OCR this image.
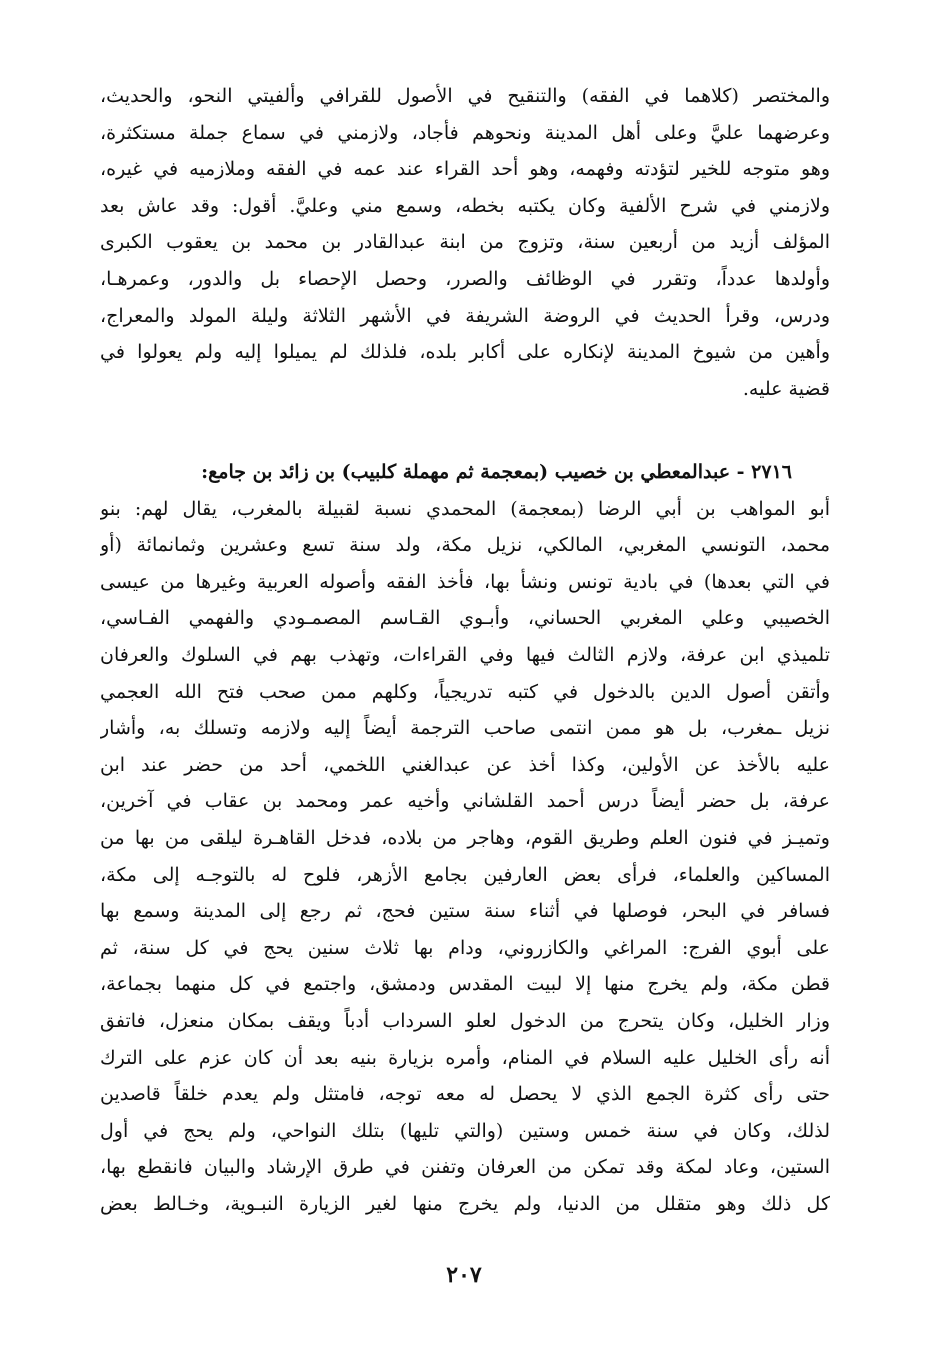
والمختصر (كلاهما في الفقه) والتنقيح في الأصول للقرافي وألفيتي النحو، والحديث،
وعرضهما عليَّ وعلى أهل المدينة ونحوهم فأجاد، ولازمني في سماع جملة مستكثرة،
وهو متوجه للخير لتؤدته وفهمه، وهو أحد القراء عند عمه في الفقه وملازميه في غيره،
ولازمني في شرح الألفية وكان يكتبه بخطه، وسمع مني وعليَّ. أقول: وقد عاش بعد
المؤلف أزيد من أربعين سنة، وتزوج من ابنة عبدالقادر بن محمد بن يعقوب الكبرى
وأولدها عدداً، وتقرر في الوظائف والصرر، وحصل الإحصاء بل والدور، وعمرهـا،
ودرس، وقرأ الحديث في الروضة الشريفة في الأشهر الثلاثة وليلة المولد والمعراج،
وأهين من شيوخ المدينة لإنكاره على أكابر بلده، فلذلك لم يميلوا إليه ولم يعولوا في
قضية عليه.
٢٧١٦ - عبدالمعطي بن خصيب (بمعجمة ثم مهملة كلبيب) بن زائد بن جامع:
أبو المواهب بن أبي الرضا (بمعجمة) المحمدي نسبة لقبيلة بالمغرب، يقال لهم: بنو
محمد، التونسي المغربي، المالكي، نزيل مكة، ولد سنة تسع وعشرين وثمانمائة (أو
في التي بعدها) في بادية تونس ونشأ بها، فأخذ الفقه وأصوله العربية وغيرها من عيسى
الخصيبي وعلي المغربي الحساني، وأبـوي القـاسم المصمـودي والفهمي الفـاسي،
تلميذي ابن عرفة، ولازم الثالث فيها وفي القراءات، وتهذب بهم في السلوك والعرفان
وأتقن أصول الدين بالدخول في كتبه تدريجياً، وكلهم ممن صحب فتح الله العجمي
نزيل ـمغرب، بل هو ممن انتمى صاحب الترجمة أيضاً إليه ولازمه وتسلك به، وأشار
عليه بالأخذ عن الأولين، وكذا أخذ عن عبدالغني اللخمي، أحد من حضر عند ابن
عرفة، بل حضر أيضاً درس أحمد القلشاني وأخيه عمر ومحمد بن عقاب في آخرين،
وتميـز في فنون العلم وطريق القوم، وهاجر من بلاده، فدخل القاهـرة ليلقى من بها من
المساكين والعلماء، فرأى بعض العارفين بجامع الأزهر، فلوح له بالتوجـه إلى مكة،
فسافر في البحر، فوصلها في أثناء سنة ستين فحج، ثم رجع إلى المدينة وسمع بها
على أبوي الفرج: المراغي والكازروني، ودام بها ثلاث سنين يحج في كل سنة، ثم
قطن مكة، ولم يخرج منها إلا لبيت المقدس ودمشق، واجتمع في كل منهما بجماعة،
وزار الخليل، وكان يتحرج من الدخول لعلو السرداب أدباً ويقف بمكان منعزل، فاتفق
أنه رأى الخليل عليه السلام في المنام، وأمره بزيارة بنيه بعد أن كان عزم على الترك
حتى رأى كثرة الجمع الذي لا يحصل له معه توجه، فامتثل ولم يعدم خلقاً قاصدين
لذلك، وكان في سنة خمس وستين (والتي تليها) بتلك النواحي، ولم يحج في أول
الستين، وعاد لمكة وقد تمكن من العرفان وتفنن في طرق الإرشاد والبيان فانقطع بها،
كل ذلك وهو متقلل من الدنيا، ولم يخرج منها لغير الزيارة النبـوية، وخـالط بعض
٢٠٧
